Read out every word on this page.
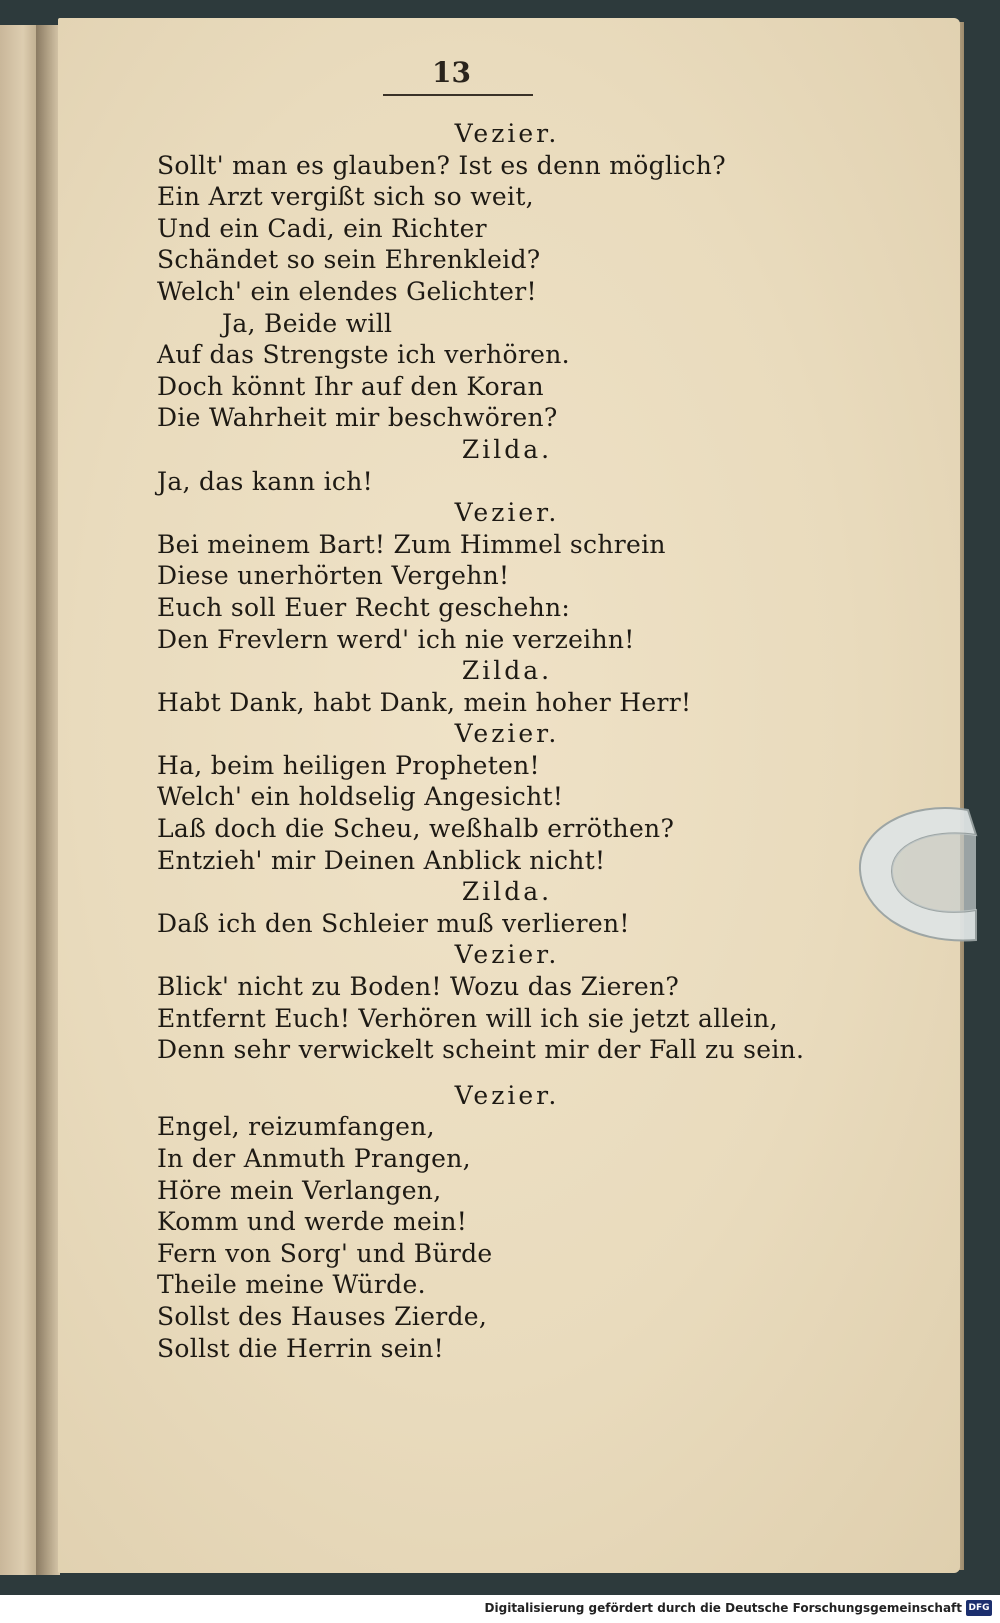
13
Vezier.
Sollt' man es glauben? Ist es denn möglich?
Ein Arzt vergißt sich so weit,
Und ein Cadi, ein Richter
Schändet so sein Ehrenkleid?
Welch' ein elendes Gelichter!
Ja, Beide will
Auf das Strengste ich verhören.
Doch könnt Ihr auf den Koran
Die Wahrheit mir beschwören?
Zilda.
Ja, das kann ich!
Vezier.
Bei meinem Bart! Zum Himmel schrein
Diese unerhörten Vergehn!
Euch soll Euer Recht geschehn:
Den Frevlern werd' ich nie verzeihn!
Zilda.
Habt Dank, habt Dank, mein hoher Herr!
Vezier.
Ha, beim heiligen Propheten!
Welch' ein holdselig Angesicht!
Laß doch die Scheu, weßhalb erröthen?
Entzieh' mir Deinen Anblick nicht!
Zilda.
Daß ich den Schleier muß verlieren!
Vezier.
Blick' nicht zu Boden! Wozu das Zieren?
Entfernt Euch! Verhören will ich sie jetzt allein,
Denn sehr verwickelt scheint mir der Fall zu sein.
Vezier.
Engel, reizumfangen,
In der Anmuth Prangen,
Höre mein Verlangen,
Komm und werde mein!
Fern von Sorg' und Bürde
Theile meine Würde.
Sollst des Hauses Zierde,
Sollst die Herrin sein!
Digitalisierung gefördert durch die Deutsche Forschungsgemeinschaft DFG
